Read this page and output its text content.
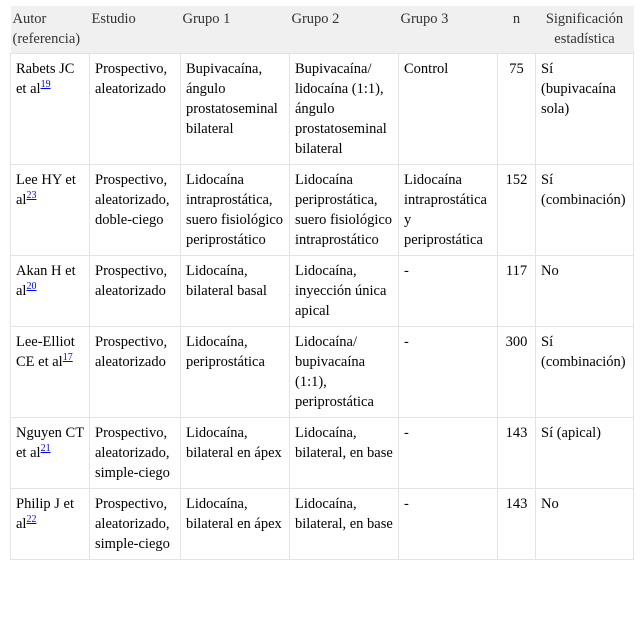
Autor (referencia)	Estudio	Grupo 1	Grupo 2	Grupo 3	n	Significación estadística
Rabets JC et al$^{19}$	Prospectivo, aleatorizado	Bupivacaína, ángulo prostatoseminal bilateral	Bupivacaína/ lidocaína (1:1), ángulo prostatoseminal bilateral	Control	75	Sí (bupivacaína sola)
Lee HY et al$^{23}$	Prospectivo, aleatorizado, doble-ciego	Lidocaína intraprostática, suero fisiológico periprostático	Lidocaína periprostática, suero fisiológico intraprostático	Lidocaína intraprostática y periprostática	152	Sí (combinación)
Akan H et al$^{20}$	Prospectivo, aleatorizado	Lidocaína, bilateral basal	Lidocaína, inyección única apical	-	117	No
Lee-Elliot CE et al$^{17}$	Prospectivo, aleatorizado	Lidocaína, periprostática	Lidocaína/ bupivacaína (1:1), periprostática	-	300	Sí (combinación)
Nguyen CT et al$^{21}$	Prospectivo, aleatorizado, simple-ciego	Lidocaína, bilateral en ápex	Lidocaína, bilateral, en base	-	143	Sí (apical)
Philip J et al$^{22}$	Prospectivo, aleatorizado, simple-ciego	Lidocaína, bilateral en ápex	Lidocaína, bilateral, en base	-	143	No
